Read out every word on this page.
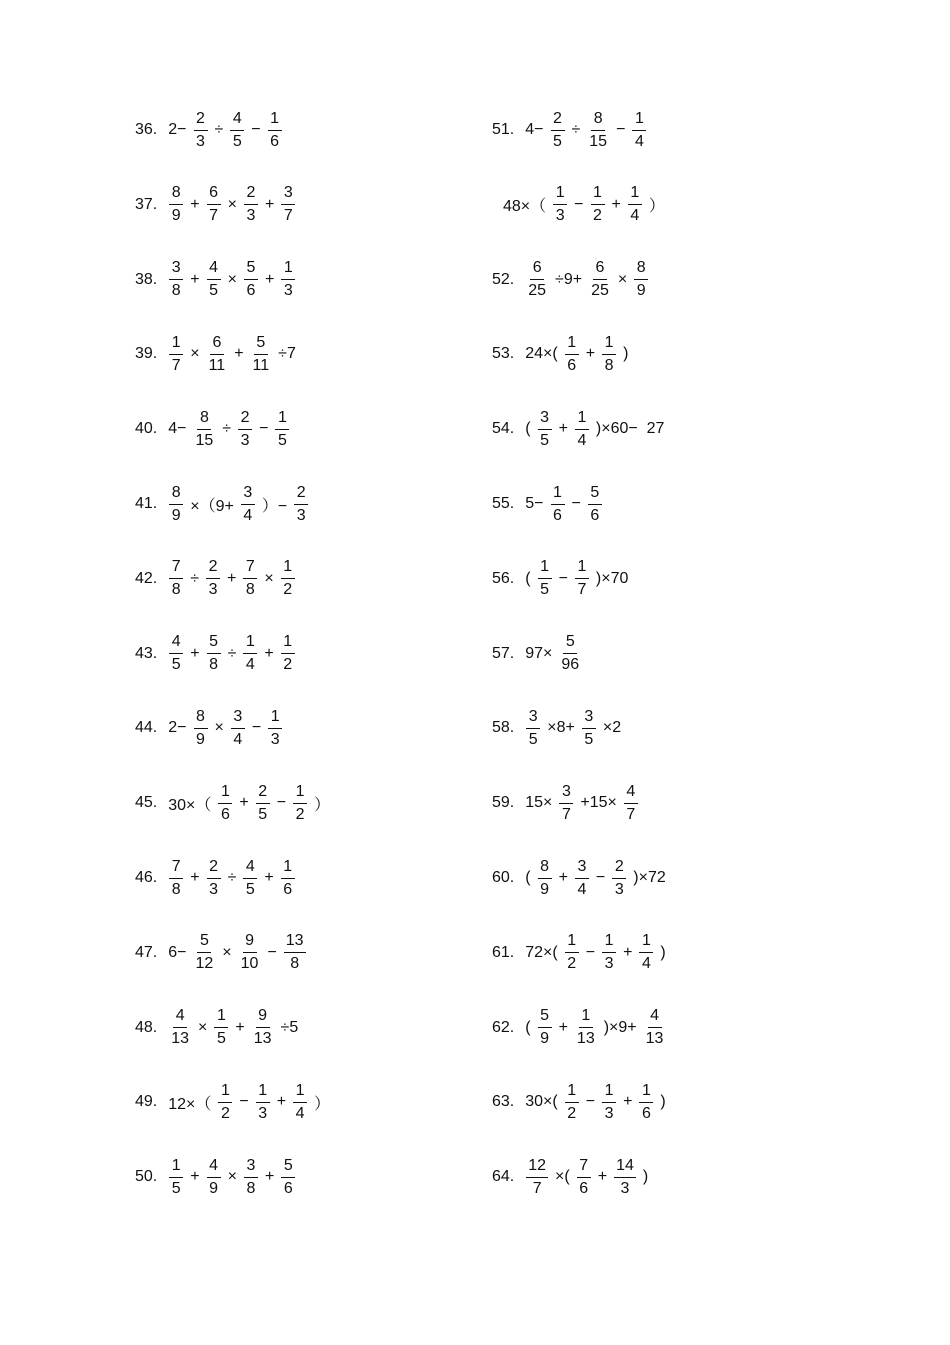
36. $2- \frac{2}{3} \div \frac{4}{5} - \frac{1}{6}$
37. $\frac{8}{9} + \frac{6}{7} \times \frac{2}{3} + \frac{3}{7}$
38. $\frac{3}{8} + \frac{4}{5} \times \frac{5}{6} + \frac{1}{3}$
39. $\frac{1}{7} \times \frac{6}{11} + \frac{5}{11} \div 7$
40. $4- \frac{8}{15} \div \frac{2}{3} - \frac{1}{5}$
41. $\frac{8}{9} \times(9+ \frac{3}{4}$ ）− $\frac{2}{3}$
42. $\frac{7}{8} \div \frac{2}{3} + \frac{7}{8} \times \frac{1}{2}$
43. $\frac{4}{5} + \frac{5}{8} \div \frac{1}{4} + \frac{1}{2}$
44. $2- \frac{8}{9} \times \frac{3}{4} - \frac{1}{3}$
45. $30\times( \frac{1}{6} + \frac{2}{5} - \frac{1}{2}$ ）
46. $\frac{7}{8} + \frac{2}{3} \div \frac{4}{5} + \frac{1}{6}$
47. $6- \frac{5}{12} \times \frac{9}{10} - \frac{13}{8}$
48. $\frac{4}{13} \times \frac{1}{5} + \frac{9}{13} \div 5$
49. $12\times( \frac{1}{2} - \frac{1}{3} + \frac{1}{4}$ ）
50. $\frac{1}{5} + \frac{4}{9} \times \frac{3}{8} + \frac{5}{6}$
51. $4- \frac{2}{5} \div \frac{8}{15} - \frac{1}{4}$
$48\times( \frac{1}{3} - \frac{1}{2} + \frac{1}{4}$ ）
52. $\frac{6}{25} \div 9+ \frac{6}{25} \times \frac{8}{9}$
53. $24\times( \frac{1}{6} + \frac{1}{8}$ )
54. ( $\frac{3}{5} + \frac{1}{4} )\times 60- 27$
55. $5- \frac{1}{6} - \frac{5}{6}$
56. ( $\frac{1}{5} - \frac{1}{7} )\times 70$
57. $97\times \frac{5}{96}$
58. $\frac{3}{5} \times 8+ \frac{3}{5} \times 2$
59. $15\times \frac{3}{7} +15\times \frac{4}{7}$
60. ( $\frac{8}{9} + \frac{3}{4} - \frac{2}{3} )\times 72$
61. $72\times( \frac{1}{2} - \frac{1}{3} + \frac{1}{4}$ )
62. ( $\frac{5}{9} + \frac{1}{13} )\times 9+ \frac{4}{13}$
63. $30\times( \frac{1}{2} - \frac{1}{3} + \frac{1}{6}$ )
64. $\frac{12}{7}$ ×( $\frac{7}{6} + \frac{14}{3}$ )
